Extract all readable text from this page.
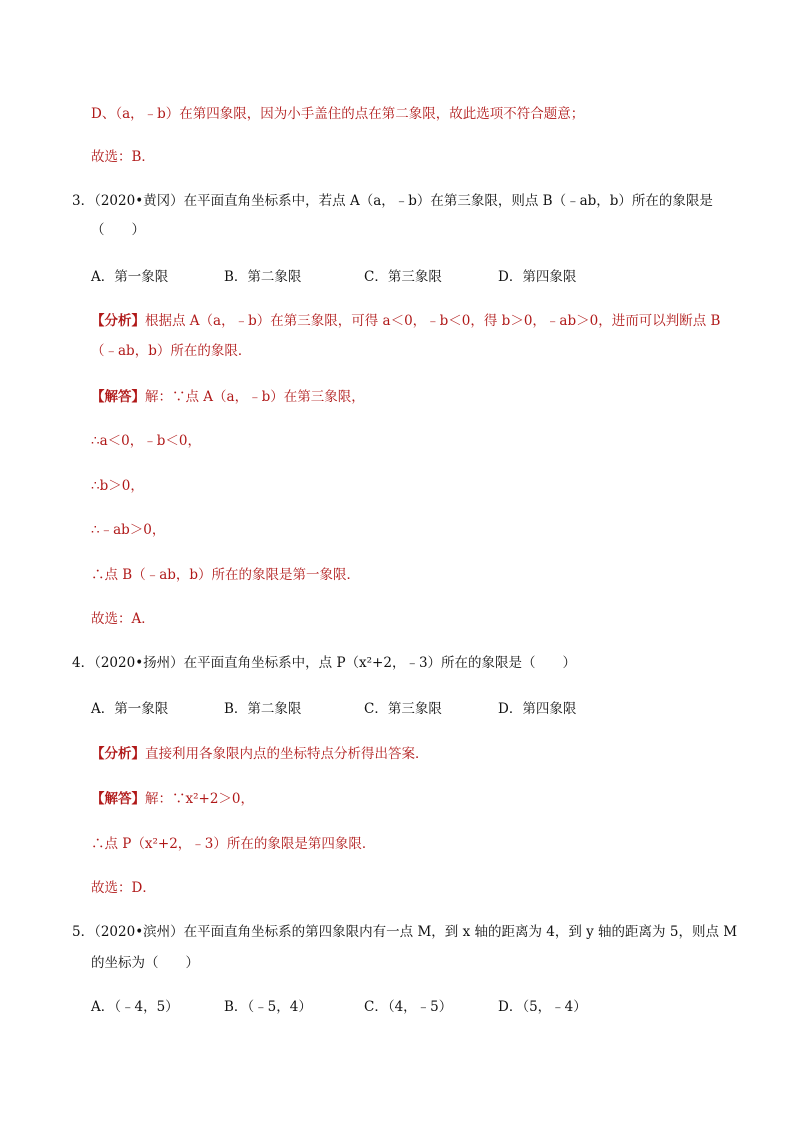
D、（a，﹣b）在第四象限，因为小手盖住的点在第二象限，故此选项不符合题意；
故选：B．
3．（2020•黄冈）在平面直角坐标系中，若点 A（a，﹣b）在第三象限，则点 B（﹣ab，b）所在的象限是
（　　）
A．第一象限	B．第二象限	C．第三象限	D．第四象限
【分析】根据点 A（a，﹣b）在第三象限，可得 a＜0，﹣b＜0，得 b＞0，﹣ab＞0，进而可以判断点 B
（﹣ab，b）所在的象限．
【解答】解：∵点 A（a，﹣b）在第三象限，
∴a＜0，﹣b＜0，
∴b＞0，
∴﹣ab＞0，
∴点 B（﹣ab，b）所在的象限是第一象限．
故选：A．
4．（2020•扬州）在平面直角坐标系中，点 P（x²+2，﹣3）所在的象限是（　　）
A．第一象限	B．第二象限	C．第三象限	D．第四象限
【分析】直接利用各象限内点的坐标特点分析得出答案．
【解答】解：∵x²+2＞0，
∴点 P（x²+2，﹣3）所在的象限是第四象限．
故选：D．
5．（2020•滨州）在平面直角坐标系的第四象限内有一点 M，到 x 轴的距离为 4，到 y 轴的距离为 5，则点 M
的坐标为（　　）
A．（﹣4，5）	B．（﹣5，4）	C．（4，﹣5）	D．（5，﹣4）
